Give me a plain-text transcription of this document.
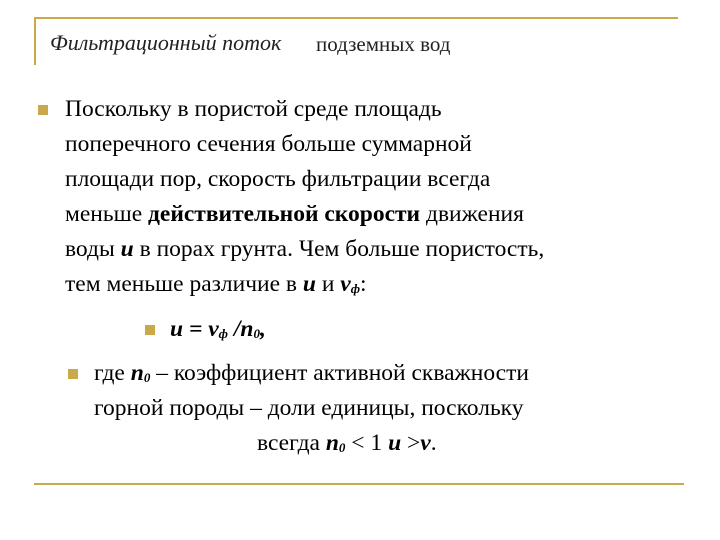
Фильтрационный поток подземных вод
Поскольку в пористой среде площадь
поперечного сечения больше суммарной
площади пор, скорость фильтрации всегда
меньше действительной скорости движения
воды u в порах грунта. Чем больше пористость,
тем меньше различие в u и vф:
u = vф /n0,
где n0 – коэффициент активной скважности
горной породы – доли единицы, поскольку
всегда n0 < 1 u >v.
